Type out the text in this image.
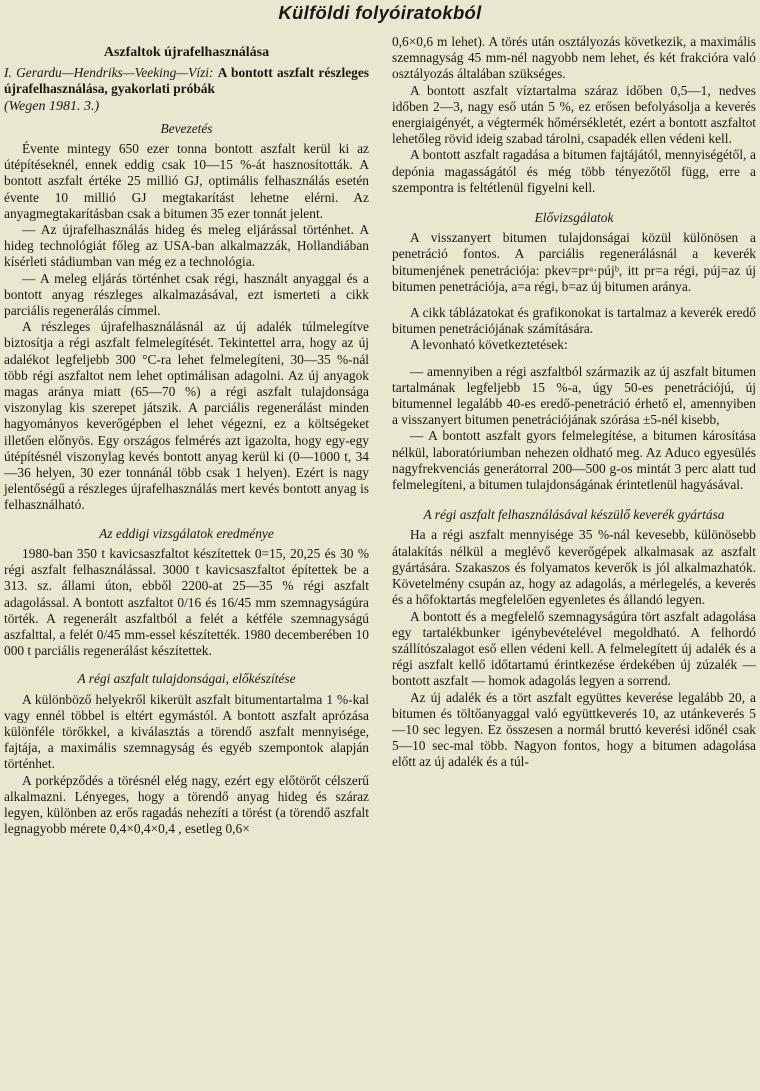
Külföldi folyóiratokból
Aszfaltok újrafelhasználása

I. Gerardu—Hendriks—Veeking—Vízi: A bontott aszfalt részleges újrafelhasználása, gyakorlati próbák

(Wegen 1981. 3.)
Bevezetés

Évente mintegy 650 ezer tonna bontott aszfalt kerül ki az útépítéseknél, ennek eddig csak 10—15 %-át hasznosították. A bontott aszfalt értéke 25 millió GJ, optimális felhasználás esetén évente 10 millió GJ megtakarítást lehetne elérni. Az anyagmegtakarításban csak a bitumen 35 ezer tonnát jelent.

— Az újrafelhasználás hideg és meleg eljárással történhet. A hideg technológiát főleg az USA-ban alkalmazzák, Hollandiában kísérleti stádiumban van még ez a technológia.

— A meleg eljárás történhet csak régi, használt anyaggal és a bontott anyag részleges alkalmazásával, ezt ismerteti a cikk parciális regenerálás címmel.

A részleges újrafelhasználásnál az új adalék túlmelegítve biztosítja a régi aszfalt felmelegítését. Tekintettel arra, hogy az új adalékot legfeljebb 300 °C-ra lehet felmelegíteni, 30—35 %-nál több régi aszfaltot nem lehet optimálisan adagolni. Az új anyagok magas aránya miatt (65—70 %) a régi aszfalt tulajdonsága viszonylag kis szerepet játszik. A parciális regenerálást minden hagyományos keverőgépben el lehet végezni, ez a költségeket illetően előnyös. Egy országos felmérés azt igazolta, hogy egy-egy útépítésnél viszonylag kevés bontott anyag kerül ki (0—1000 t, 34—36 helyen, 30 ezer tonnánál több csak 1 helyen). Ezért is nagy jelentőségű a részleges újrafelhasználás mert kevés bontott anyag is felhasználható.

Az eddigi vizsgálatok eredménye

1980-ban 350 t kavicsaszfaltot készítettek 0=15, 20,25 és 30 % régi aszfalt felhasználással. 3000 t kavicsaszfaltot építettek be a 313. sz. állami úton, ebből 2200-at 25—35 % régi aszfalt adagolással. A bontott aszfaltot 0/16 és 16/45 mm szemnagyságúra törték. A regenerált aszfaltból a felét a kétféle szemnagyságú aszfalttal, a felét 0/45 mm-essel készítették. 1980 decemberében 10 000 t parciális regenerálást készítettek.

A régi aszfalt tulajdonságai, előkészítése

A különböző helyekről kikerült aszfalt bitumentartalma 1 %-kal vagy ennél többel is eltért egymástól. A bontott aszfalt aprózása különféle törőkkel, a kiválasztás a törendő aszfalt mennyisége, fajtája, a maximális szemnagyság és egyéb szempontok alapján történhet.

A porképződés a törésnél elég nagy, ezért egy előtörőt célszerű alkalmazni. Lényeges, hogy a törendő anyag hideg és száraz legyen, különben az erős ragadás nehezíti a törést (a törendő aszfalt legnagyobb mérete 0,4×0,4×0,4 , esetleg 0,6×

0,6×0,6 m lehet). A törés után osztályozás következik, a maximális szemnagyság 45 mm-nél nagyobb nem lehet, és két frakcióra való osztályozás általában szükséges.

A bontott aszfalt víztartalma száraz időben 0,5—1, nedves időben 2—3, nagy eső után 5 %, ez erősen befolyásolja a keverés energiaigényét, a végtermék hőmérsékletét, ezért a bontott aszfaltot lehetőleg rövid ideig szabad tárolni, csapadék ellen védeni kell.

A bontott aszfalt ragadása a bitumen fajtájától, mennyiségétől, a depónia magasságától és még több tényezőtől függ, erre a szempontra is feltétlenül figyelni kell.

Elővizsgálatok

A visszanyert bitumen tulajdonságai közül különösen a penetráció fontos. A parciális regenerálásnál a keverék bitumenjének penetrációja: pkev=prᵃ·pújᵇ, itt pr=a régi, púj=az új bitumen penetrációja, a=a régi, b=az új bitumen aránya.

A cikk táblázatokat és grafikonokat is tartalmaz a keverék eredő bitumen penetrációjának számítására.

A levonható következtetések:

— amennyiben a régi aszfaltból származik az új aszfalt bitumen tartalmának legfeljebb 15 %-a, úgy 50-es penetrációjú, új bitumennel legalább 40-es eredő-penetráció érhető el, amennyiben a visszanyert bitumen penetrációjának szórása ±5-nél kisebb,

— A bontott aszfalt gyors felmelegítése, a bitumen károsítása nélkül, laboratóriumban nehezen oldható meg. Az Aduco egyesülés nagyfrekvenciás generátorral 200—500 g-os mintát 3 perc alatt tud felmelegíteni, a bitumen tulajdonságának érintetlenül hagyásával.

A régi aszfalt felhasználásával készülő keverék gyártása

Ha a régi aszfalt mennyisége 35 %-nál kevesebb, különösebb átalakítás nélkül a meglévő keverőgépek alkalmasak az aszfalt gyártására. Szakaszos és folyamatos keverők is jól alkalmazhatók. Követelmény csupán az, hogy az adagolás, a mérlegelés, a keverés és a hőfoktartás megfelelően egyenletes és állandó legyen.

A bontott és a megfelelő szemnagyságúra tört aszfalt adagolása egy tartalékbunker igénybevételével megoldható. A felhordó szállítószalagot eső ellen védeni kell. A felmelegített új adalék és a régi aszfalt kellő időtartamú érintkezése érdekében új zúzalék — bontott aszfalt — homok adagolás legyen a sorrend.

Az új adalék és a tört aszfalt együttes keverése legalább 20, a bitumen és töltőanyaggal való együttkeverés 10, az utánkeverés 5—10 sec legyen. Ez összesen a normál bruttó keverési időnél csak 5—10 sec-mal több. Nagyon fontos, hogy a bitumen adagolása előtt az új adalék és a túl-
